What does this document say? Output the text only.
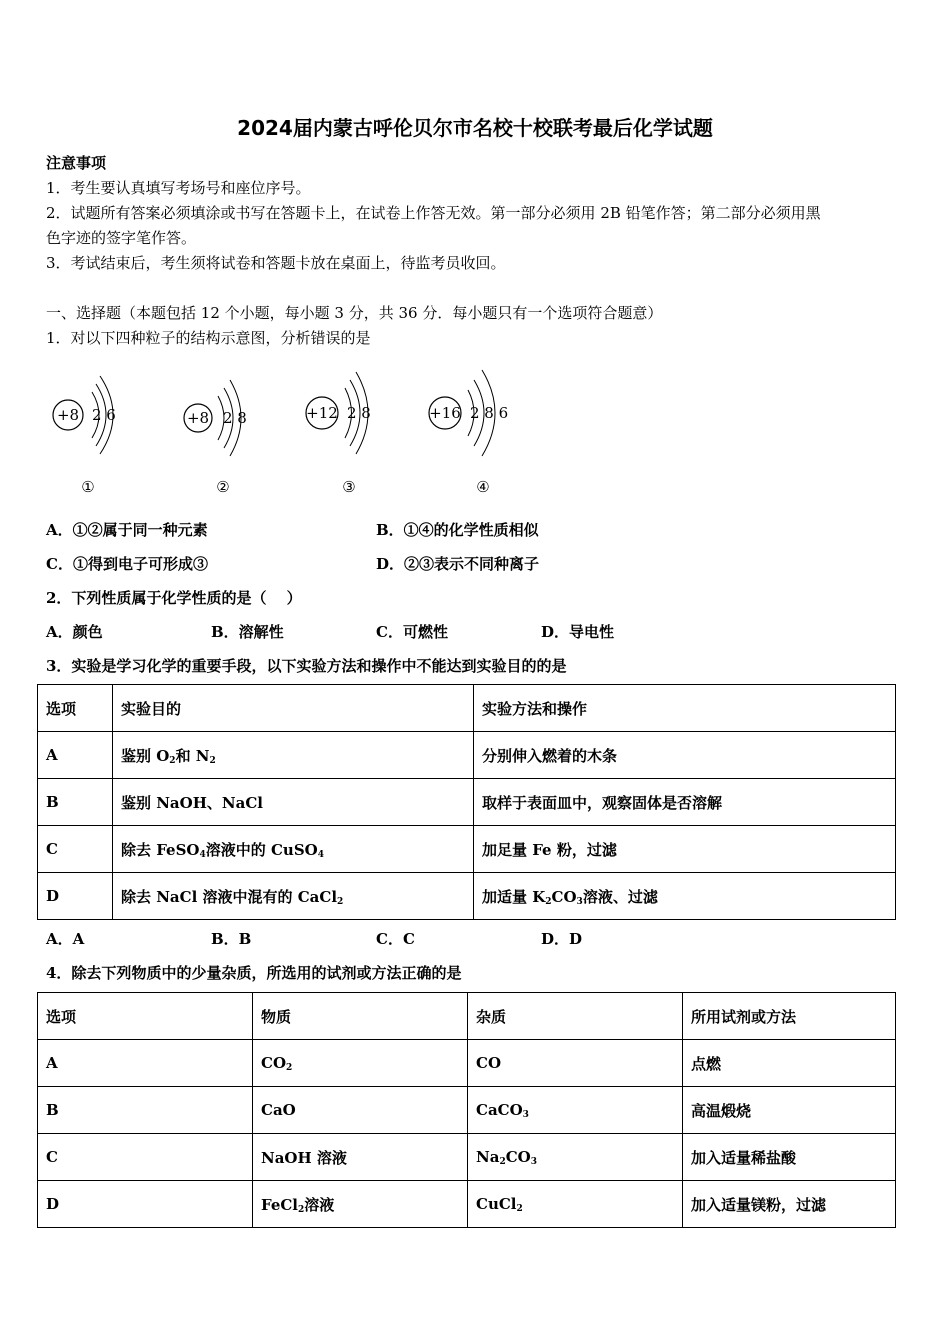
2024届内蒙古呼伦贝尔市名校十校联考最后化学试题
注意事项
1．考生要认真填写考场号和座位序号。
2．试题所有答案必须填涂或书写在答题卡上，在试卷上作答无效。第一部分必须用 2B 铅笔作答；第二部分必须用黑
色字迹的签字笔作答。
3．考试结束后，考生须将试卷和答题卡放在桌面上，待监考员收回。
一、选择题（本题包括 12 个小题，每小题 3 分，共 36 分．每小题只有一个选项符合题意）
1．对以下四种粒子的结构示意图，分析错误的是
+8 2 6
①
+8 2 8
②
+12 2 8
③
+16 2 8 6
④
A．①②属于同一种元素	B．①④的化学性质相似
C．①得到电子可形成③	D．②③表示不同种离子
2．下列性质属于化学性质的是（　 ）
A．颜色	B．溶解性	C．可燃性	D．导电性
3．实验是学习化学的重要手段，以下实验方法和操作中不能达到实验目的的是
选项	实验目的	实验方法和操作
A	鉴别 $O_2$和 $N_2$	分别伸入燃着的木条
B	鉴别 NaOH、NaCl	取样于表面皿中，观察固体是否溶解
C	除去 FeSO$_4$溶液中的 CuSO$_4$	加足量 Fe 粉，过滤
D	除去 NaCl 溶液中混有的 CaCl$_2$	加适量 $K_2CO_3$溶液、过滤
A．A	B．B	C．C	D．D
4．除去下列物质中的少量杂质，所选用的试剂或方法正确的是
选项	物质	杂质	所用试剂或方法
A	$CO_2$	CO	点燃
B	CaO	CaCO$_3$	高温煅烧
C	NaOH 溶液	$Na_2CO_3$	加入适量稀盐酸
D	FeCl$_2$溶液	CuCl$_2$	加入适量镁粉，过滤
